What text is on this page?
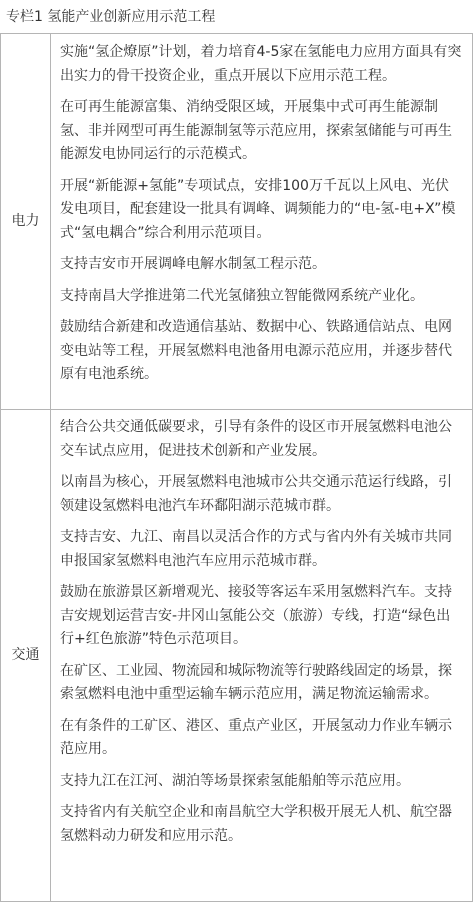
专栏1 氢能产业创新应用示范工程
电力

实施“氢企燎原”计划，着力培育4-5家在氢能电力应用方面具有突出实力的骨干投资企业，重点开展以下应用示范工程。

在可再生能源富集、消纳受限区域，开展集中式可再生能源制氢、非并网型可再生能源制氢等示范应用，探索氢储能与可再生能源发电协同运行的示范模式。

开展“新能源+氢能”专项试点，安排100万千瓦以上风电、光伏发电项目，配套建设一批具有调峰、调频能力的“电-氢-电+X”模式“氢电耦合”综合利用示范项目。

支持吉安市开展调峰电解水制氢工程示范。

支持南昌大学推进第二代光氢储独立智能微网系统产业化。

鼓励结合新建和改造通信基站、数据中心、铁路通信站点、电网变电站等工程，开展氢燃料电池备用电源示范应用，并逐步替代原有电池系统。

交通

结合公共交通低碳要求，引导有条件的设区市开展氢燃料电池公交车试点应用，促进技术创新和产业发展。

以南昌为核心，开展氢燃料电池城市公共交通示范运行线路，引领建设氢燃料电池汽车环鄱阳湖示范城市群。

支持吉安、九江、南昌以灵活合作的方式与省内外有关城市共同申报国家氢燃料电池汽车应用示范城市群。

鼓励在旅游景区新增观光、接驳等客运车采用氢燃料汽车。支持吉安规划运营吉安-井冈山氢能公交（旅游）专线，打造“绿色出行+红色旅游”特色示范项目。

在矿区、工业园、物流园和城际物流等行驶路线固定的场景，探索氢燃料电池中重型运输车辆示范应用，满足物流运输需求。

在有条件的工矿区、港区、重点产业区，开展氢动力作业车辆示范应用。

支持九江在江河、湖泊等场景探索氢能船舶等示范应用。

支持省内有关航空企业和南昌航空大学积极开展无人机、航空器氢燃料动力研发和应用示范。
